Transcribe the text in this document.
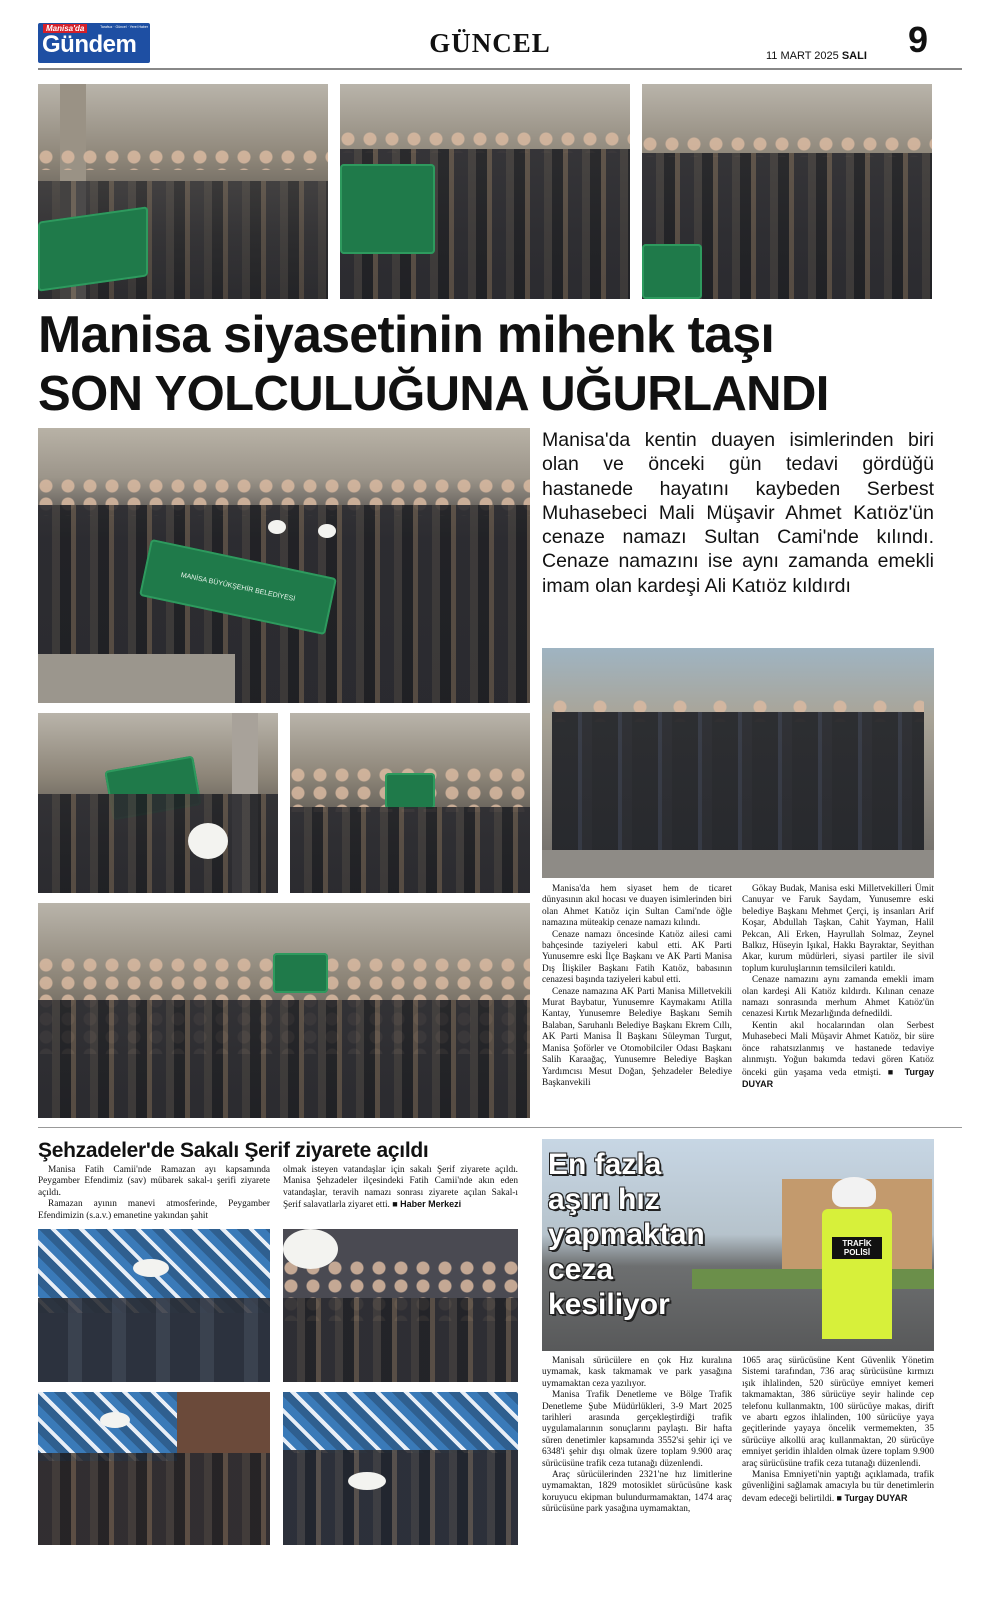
Manisa'da
Gündem
Tarafsız · Güncel · Yerel Haber
GÜNCEL	11 MART 2025 SALI 9
Manisa siyasetinin mihenk taşı
SON YOLCULUĞUNA UĞURLANDI
MANİSA BÜYÜKŞEHİR BELEDİYESİ
Manisa'da kentin duayen isimlerinden biri olan ve önceki gün tedavi gördüğü hastanede hayatını kaybeden Serbest Muhasebeci Mali Müşavir Ahmet Katıöz'ün cenaze namazı Sultan Cami'nde kılındı. Cenaze namazını ise aynı zamanda emekli imam olan kardeşi Ali Katıöz kıldırdı

Manisa'da hem siyaset hem de ticaret dünyasının akıl hocası ve duayen isimlerinden biri olan Ahmet Katıöz için Sultan Cami'nde öğle namazına müteakip cenaze namazı kılındı.

Cenaze namazı öncesinde Katıöz ailesi cami bahçesinde taziyeleri kabul etti. AK Parti Yunusemre eski İlçe Başkanı ve AK Parti Manisa Dış İlişkiler Başkanı Fatih Katıöz, babasının cenazesi başında taziyeleri kabul etti.

Cenaze namazına AK Parti Manisa Milletvekili Murat Baybatur, Yunusemre Kaymakamı Atilla Kantay, Yunusemre Belediye Başkanı Semih Balaban, Saruhanlı Belediye Başkanı Ekrem Cıllı, AK Parti Manisa İl Başkanı Süleyman Turgut, Manisa Şoförler ve Otomobilciler Odası Başkanı Salih Karaağaç, Yunusemre Belediye Başkan Yardımcısı Mesut Doğan, Şehzadeler Belediye Başkanvekili

Gökay Budak, Manisa eski Milletvekilleri Ümit Canuyar ve Faruk Saydam, Yunusemre eski belediye Başkanı Mehmet Çerçi, iş insanları Arif Koşar, Abdullah Taşkan, Cahit Yayman, Halil Pekcan, Ali Erken, Hayrullah Solmaz, Zeynel Balkız, Hüseyin Işıkal, Hakkı Bayraktar, Seyithan Akar, kurum müdürleri, siyasi partiler ile sivil toplum kuruluşlarının temsilcileri katıldı.

Cenaze namazını aynı zamanda emekli imam olan kardeşi Ali Katıöz kıldırdı. Kılınan cenaze namazı sonrasında merhum Ahmet Katıöz'ün cenazesi Kırtık Mezarlığında defnedildi.

Kentin akıl hocalarından olan Serbest Muhasebeci Mali Müşavir Ahmet Katıöz, bir süre önce rahatsızlanmış ve hastanede tedaviye alınmıştı. Yoğun bakımda tedavi gören Katıöz önceki gün yaşama veda etmişti. ■ Turgay DUYAR

Şehzadeler'de Sakalı Şerif ziyarete açıldı

Manisa Fatih Camii'nde Ramazan ayı kapsamında Peygamber Efendimiz (sav) mübarek sakal-ı şerifi ziyarete açıldı.

Ramazan ayının manevi atmosferinde, Peygamber Efendimizin (s.a.v.) emanetine yakından şahit

olmak isteyen vatandaşlar için sakalı Şerif ziyarete açıldı. Manisa Şehzadeler ilçesindeki Fatih Camii'nde akın eden vatandaşlar, teravih namazı sonrası ziyarete açılan Sakal-ı Şerif salavatlarla ziyaret etti. ■ Haber Merkezi

TRAFİK POLİSİ
En fazla
aşırı hız
yapmaktan
ceza
kesiliyor

Manisalı sürücülere en çok Hız kuralına uymamak, kask takmamak ve park yasağına uymamaktan ceza yazılıyor.

Manisa Trafik Denetleme ve Bölge Trafik Denetleme Şube Müdürlükleri, 3-9 Mart 2025 tarihleri arasında gerçekleştirdiği trafik uygulamalarının sonuçlarını paylaştı. Bir hafta süren denetimler kapsamında 3552'si şehir içi ve 6348'i şehir dışı olmak üzere toplam 9.900 araç sürücüsüne trafik ceza tutanağı düzenlendi.

Araç sürücülerinden 2321'ne hız limitlerine uymamaktan, 1829 motosiklet sürücüsüne kask koruyucu ekipman bulundurmamaktan, 1474 araç sürücüsüne park yasağına uymamaktan,

1065 araç sürücüsüne Kent Güvenlik Yönetim Sistemi tarafından, 736 araç sürücüsüne kırmızı ışık ihlalinden, 520 sürücüye emniyet kemeri takmamaktan, 386 sürücüye seyir halinde cep telefonu kullanmaktn, 100 sürücüye makas, dirift ve abartı egzos ihlalinden, 100 sürücüye yaya geçitlerinde yayaya öncelik vermemekten, 35 sürücüye alkollü araç kullanmaktan, 20 sürücüye emniyet şeridin ihlalden olmak üzere toplam 9.900 araç sürücüsüne trafik ceza tutanağı düzenlendi.

Manisa Emniyeti'nin yaptığı açıklamada, trafik güvenliğini sağlamak amacıyla bu tür denetimlerin devam edeceği belirtildi. ■ Turgay DUYAR
